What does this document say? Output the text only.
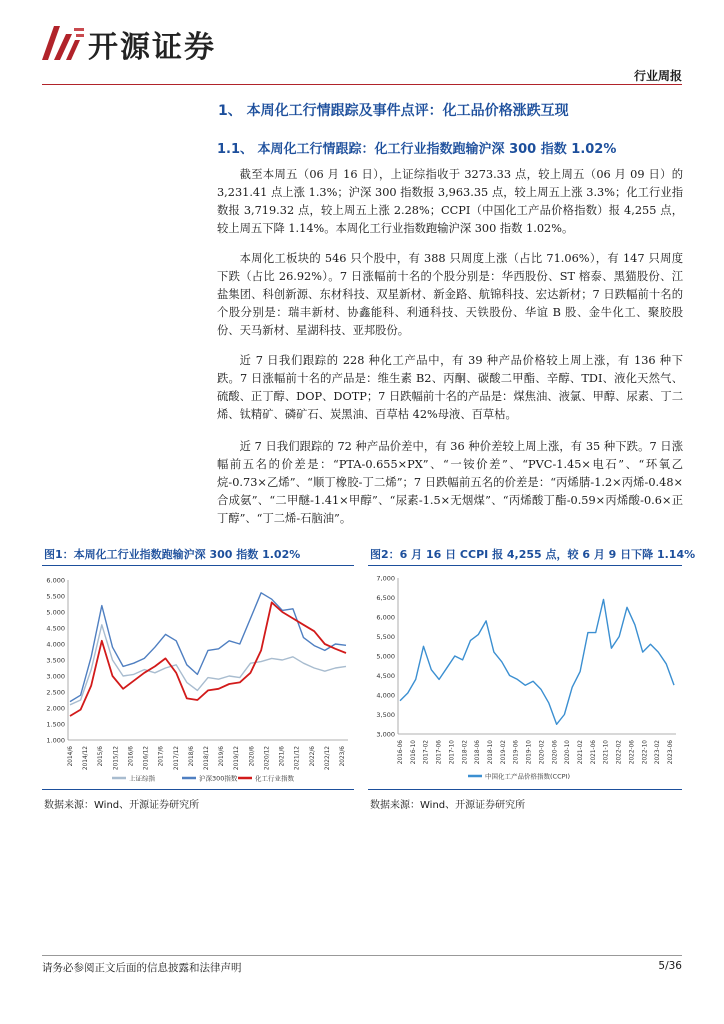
开源证券
行业周报
1、 本周化工行情跟踪及事件点评：化工品价格涨跌互现
1.1、 本周化工行情跟踪：化工行业指数跑输沪深 300 指数 1.02%

截至本周五（06 月 16 日），上证综指收于 3273.33 点，较上周五（06 月 09 日）的 3,231.41 点上涨 1.3%；沪深 300 指数报 3,963.35 点，较上周五上涨 3.3%；化工行业指数报 3,719.32 点，较上周五上涨 2.28%；CCPI（中国化工产品价格指数）报 4,255 点，较上周五下降 1.14%。本周化工行业指数跑输沪深 300 指数 1.02%。

本周化工板块的 546 只个股中，有 388 只周度上涨（占比 71.06%），有 147 只周度下跌（占比 26.92%）。7 日涨幅前十名的个股分别是：华西股份、ST 榕泰、黑猫股份、江盐集团、科创新源、东材科技、双星新材、新金路、航锦科技、宏达新材；7 日跌幅前十名的个股分别是：瑞丰新材、协鑫能科、利通科技、天铁股份、华谊 B 股、金牛化工、聚胶股份、天马新材、星湖科技、亚邦股份。

近 7 日我们跟踪的 228 种化工产品中，有 39 种产品价格较上周上涨，有 136 种下跌。7 日涨幅前十名的产品是：维生素 B2、丙酮、碳酸二甲酯、辛醇、TDI、液化天然气、硫酸、正丁醇、DOP、DOTP；7 日跌幅前十名的产品是：煤焦油、液氯、甲醇、尿素、丁二烯、钛精矿、磷矿石、炭黑油、百草枯 42%母液、百草枯。

近 7 日我们跟踪的 72 种产品价差中，有 36 种价差较上周上涨，有 35 种下跌。7 日涨幅前五名的价差是：“PTA-0.655×PX”、“一铵价差”、“PVC-1.45×电石”、“环氧乙烷-0.73×乙烯”、“顺丁橡胶-丁二烯”；7 日跌幅前五名的价差是：“丙烯腈-1.2×丙烯-0.48×合成氨”、“二甲醚-1.41×甲醇”、“尿素-1.5×无烟煤”、“丙烯酸丁酯-0.59×丙烯酸-0.6×正丁醇”、“丁二烯-石脑油”。

图1：本周化工行业指数跑输沪深 300 指数 1.02%
6.000
5.500
5.000
4.500
4.000
3.500
3.000
2.500
2.000
1.500
1.000
2014/6 2014/12 2015/6 2015/12 2016/6 2016/12 2017/6 2017/12 2018/6 2018/12 2019/6 2019/12 2020/6 2020/12 2021/6 2021/12 2022/6 2022/12 2023/6
上证综指	沪深300指数	化工行业指数
数据来源：Wind、开源证券研究所
图2：6 月 16 日 CCPI 报 4,255 点，较 6 月 9 日下降 1.14%
7,000
6,500
6,000
5,500
5,000
4,500
4,000
3,500
3,000
2016-06 2016-10 2017-02 2017-06 2017-10 2018-02 2018-06 2018-10 2019-02 2019-06 2019-10 2020-02 2020-06 2020-10 2021-02 2021-06 2021-10 2022-02 2022-06 2022-10 2023-02 2023-06
中国化工产品价格指数(CCPI)
数据来源：Wind、开源证券研究所
请务必参阅正文后面的信息披露和法律声明	5/36
